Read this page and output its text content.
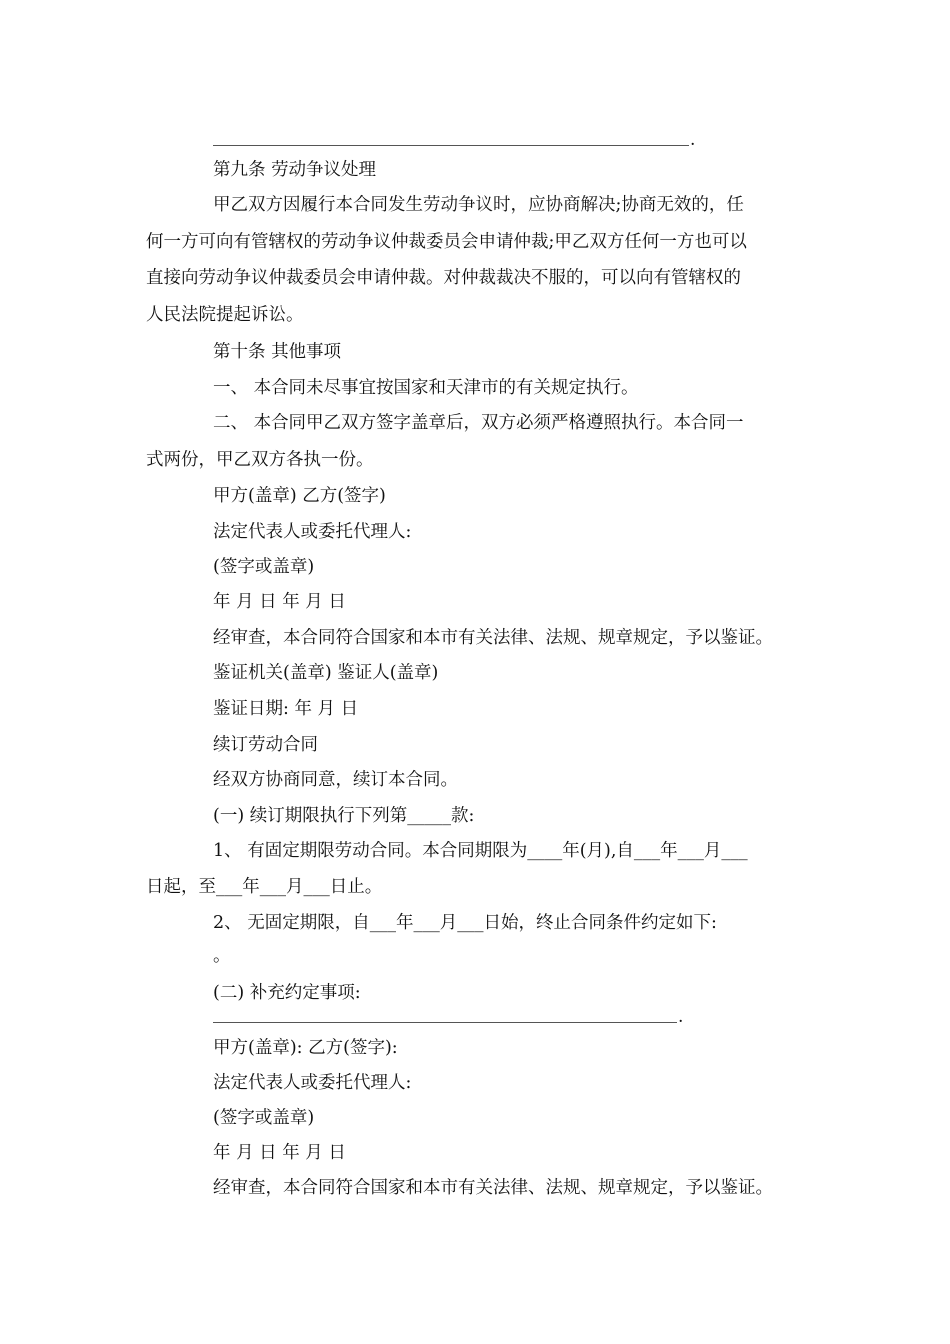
.
第九条 劳动争议处理
甲乙双方因履行本合同发生劳动争议时，应协商解决;协商无效的，任
何一方可向有管辖权的劳动争议仲裁委员会申请仲裁;甲乙双方任何一方也可以
直接向劳动争议仲裁委员会申请仲裁。对仲裁裁决不服的，可以向有管辖权的
人民法院提起诉讼。
第十条 其他事项
一、 本合同未尽事宜按国家和天津市的有关规定执行。
二、 本合同甲乙双方签字盖章后，双方必须严格遵照执行。本合同一
式两份，甲乙双方各执一份。
甲方(盖章) 乙方(签字)
法定代表人或委托代理人:
(签字或盖章)
年 月 日 年 月 日
经审查，本合同符合国家和本市有关法律、法规、规章规定，予以鉴证。
鉴证机关(盖章) 鉴证人(盖章)
鉴证日期: 年 月 日
续订劳动合同
经双方协商同意，续订本合同。
(一) 续订期限执行下列第_____款:
1、 有固定期限劳动合同。本合同期限为____年(月),自___年___月___
日起，至___年___月___日止。
2、 无固定期限，自___年___月___日始，终止合同条件约定如下:
。
(二) 补充约定事项:
.
甲方(盖章): 乙方(签字):
法定代表人或委托代理人:
(签字或盖章)
年 月 日 年 月 日
经审查，本合同符合国家和本市有关法律、法规、规章规定，予以鉴证。
